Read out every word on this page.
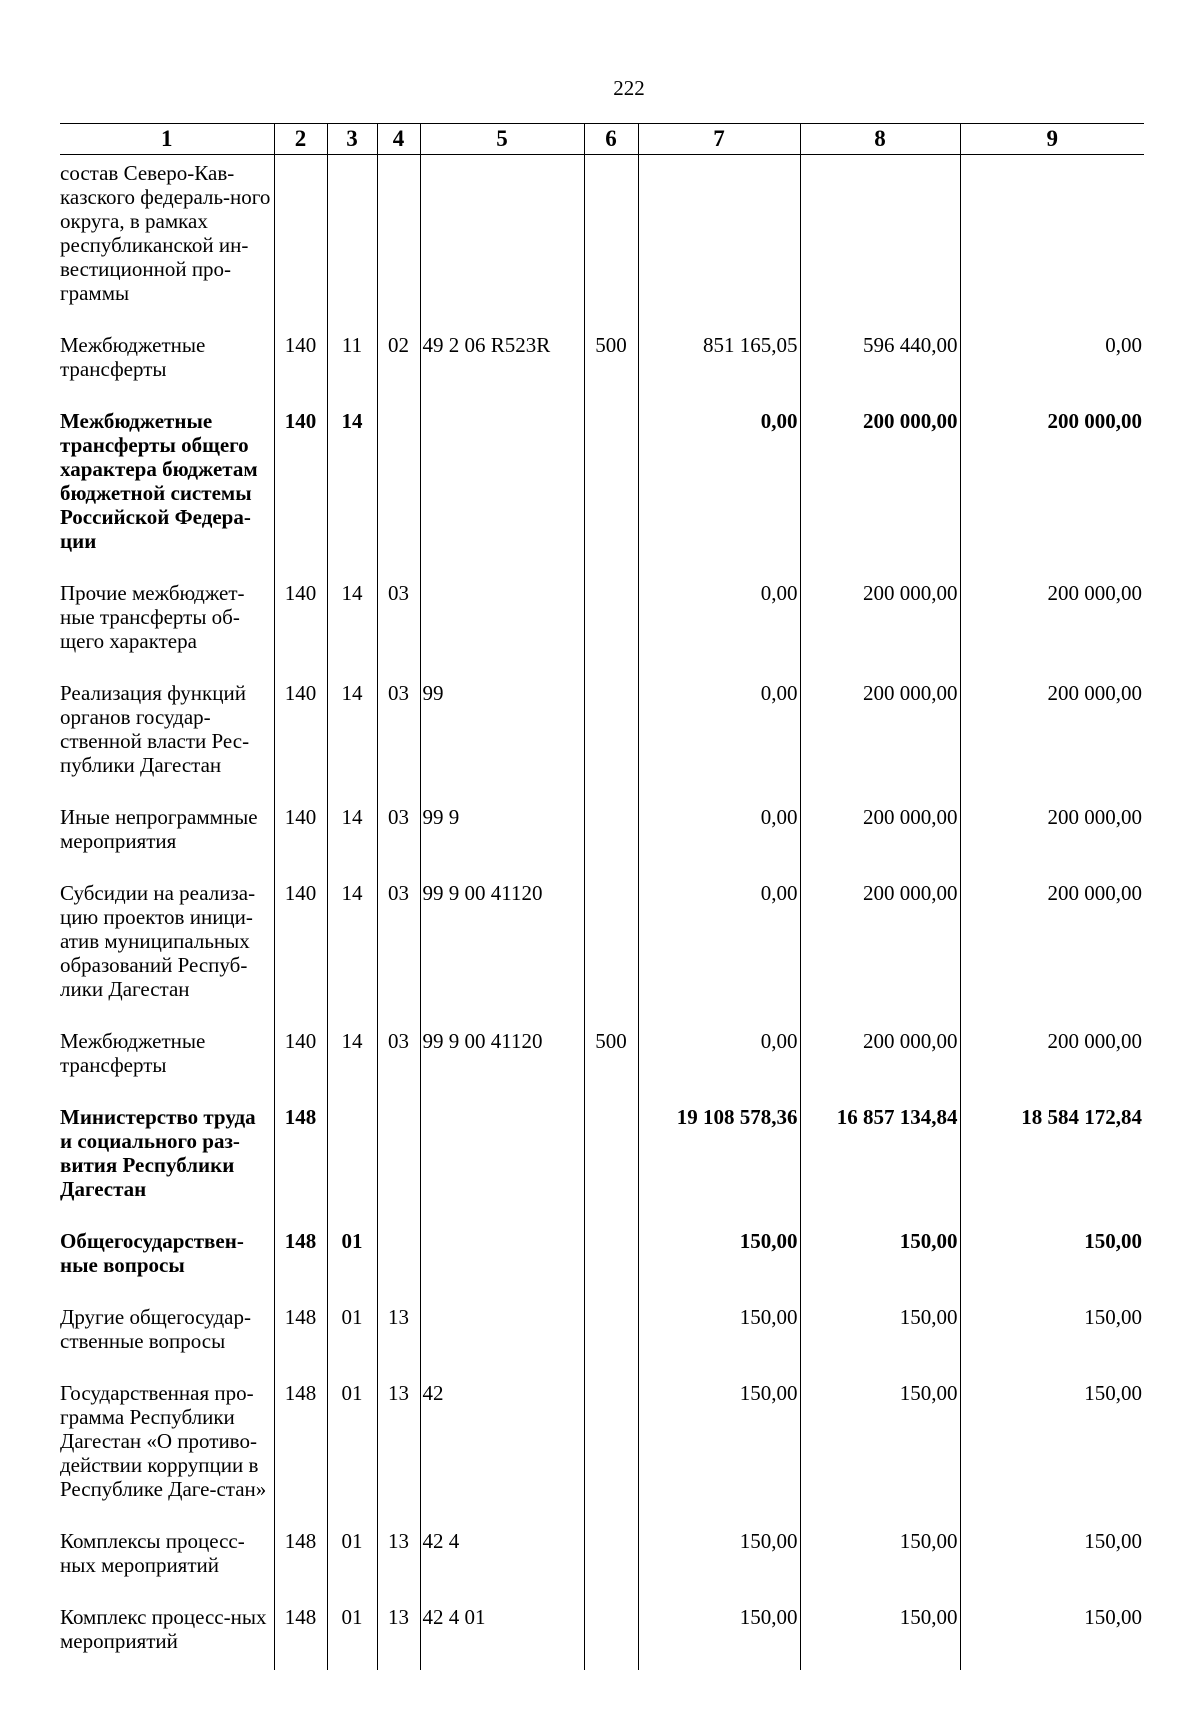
222
1	2	3	4	5	6	7	8	9
состав Северо-Кав-казского федераль-ного округа, в рамках республиканской ин-вестиционной про-граммы								
Межбюджетные трансферты	140	11	02	49 2 06 R523R	500	851 165,05	596 440,00	0,00
Межбюджетные трансферты общего характера бюджетам бюджетной системы Российской Федера-ции	140	14				0,00	200 000,00	200 000,00
Прочие межбюджет-ные трансферты об-щего характера	140	14	03			0,00	200 000,00	200 000,00
Реализация функций органов государ-ственной власти Рес-публики Дагестан	140	14	03	99		0,00	200 000,00	200 000,00
Иные непрограммные мероприятия	140	14	03	99 9		0,00	200 000,00	200 000,00
Субсидии на реализа-цию проектов иници-атив муниципальных образований Респуб-лики Дагестан	140	14	03	99 9 00 41120		0,00	200 000,00	200 000,00
Межбюджетные трансферты	140	14	03	99 9 00 41120	500	0,00	200 000,00	200 000,00
Министерство труда и социального раз-вития Республики Дагестан	148					19 108 578,36	16 857 134,84	18 584 172,84
Общегосударствен-ные вопросы	148	01				150,00	150,00	150,00
Другие общегосудар-ственные вопросы	148	01	13			150,00	150,00	150,00
Государственная про-грамма Республики Дагестан «О противо-действии коррупции в Республике Даге-стан»	148	01	13	42		150,00	150,00	150,00
Комплексы процесс-ных мероприятий	148	01	13	42 4		150,00	150,00	150,00
Комплекс процесс-ных мероприятий	148	01	13	42 4 01		150,00	150,00	150,00
